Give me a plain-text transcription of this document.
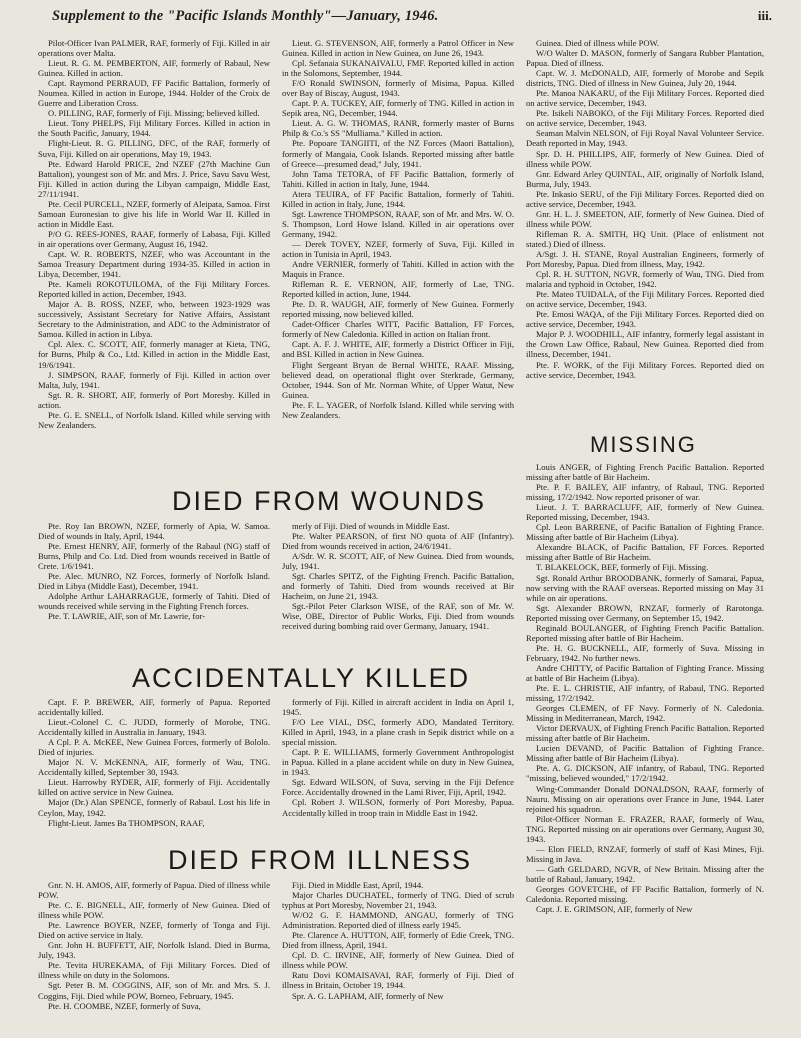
Supplement to the "Pacific Islands Monthly"—January, 1946.	iii.

Pilot-Officer Ivan PALMER, RAF, formerly of Fiji. Killed in air operations over Malta.

Lieut. R. G. M. PEMBERTON, AIF, formerly of Rabaul, New Guinea. Killed in action.

Capt. Raymond PERRAUD, FF Pacific Battalion, formerly of Noumea. Killed in action in Europe, 1944. Holder of the Croix de Guerre and Liberation Cross.

O. PILLING, RAF, formerly of Fiji. Missing; believed killed.

Lieut. Tony PHELPS, Fiji Military Forces. Killed in action in the South Pacific, January, 1944.

Flight-Lieut. R. G. PILLING, DFC, of the RAF, formerly of Suva, Fiji. Killed on air operations, May 19, 1943.

Pte. Edward Harold PRICE, 2nd NZEF (27th Machine Gun Battalion), youngest son of Mr. and Mrs. J. Price, Savu Savu West, Fiji. Killed in action during the Libyan campaign, Middle East, 27/11/1941.

Pte. Cecil PURCELL, NZEF, formerly of Aleipata, Samoa. First Samoan Euronesian to give his life in World War II. Killed in action in Middle East.

P/O G. REES-JONES, RAAF, formerly of Labasa, Fiji. Killed in air operations over Germany, August 16, 1942.

Capt. W. R. ROBERTS, NZEF, who was Accountant in the Samoa Treasury Department during 1934-35. Killed in action in Libya, December, 1941.

Pte. Kameli ROKOTUILOMA, of the Fiji Military Forces. Reported killed in action, December, 1943.

Major A. B. ROSS, NZEF, who, between 1923-1929 was successively, Assistant Secretary for Native Affairs, Assistant Secretary to the Administration, and ADC to the Administrator of Samoa. Killed in action in Libya.

Cpl. Alex. C. SCOTT, AIF, formerly manager at Kieta, TNG, for Burns, Philp & Co., Ltd. Killed in action in the Middle East, 19/6/1941.

J. SIMPSON, RAAF, formerly of Fiji. Killed in action over Malta, July, 1941.

Sgt. R. R. SHORT, AIF, formerly of Port Moresby. Killed in action.

Pte. G. E. SNELL, of Norfolk Island. Killed while serving with New Zealanders.

Lieut. G. STEVENSON, AIF, formerly a Patrol Officer in New Guinea. Killed in action in New Guinea, on June 26, 1943.

Cpl. Sefanaia SUKANAIVALU, FMF. Reported killed in action in the Solomons, September, 1944.

F/O Ronald SWINSON, formerly of Misima, Papua. Killed over Bay of Biscay, August, 1943.

Capt. P. A. TUCKEY, AIF, formerly of TNG. Killed in action in Sepik area, NG, December, 1944.

Lieut. A. G. W. THOMAS, RANR, formerly master of Burns Philp & Co.'s SS "Mulliama." Killed in action.

Pte. Popoare TANGIITI, of the NZ Forces (Maori Battalion), formerly of Mangaia, Cook Islands. Reported missing after battle of Greece—presumed dead," July, 1941.

John Tama TETORA, of FF Pacific Battalion, formerly of Tahiti. Killed in action in Italy, June, 1944.

Atera TEUIRA, of FF Pacific Battalion, formerly of Tahiti. Killed in action in Italy, June, 1944.

Sgt. Lawrence THOMPSON, RAAF, son of Mr. and Mrs. W. O. S. Thompson, Lord Howe Island. Killed in air operations over Germany, 1942.

— Derek TOVEY, NZEF, formerly of Suva, Fiji. Killed in action in Tunisia in April, 1943.

Andre VERNIER, formerly of Tahiti. Killed in action with the Maquis in France.

Rifleman R. E. VERNON, AIF, formerly of Lae, TNG. Reported killed in action, June, 1944.

Pte. D. R. WAUGH, AIF, formerly of New Guinea. Formerly reported missing, now believed killed.

Cadet-Officer Charles WITT, Pacific Battalion, FF Forces, formerly of New Caledonia. Killed in action on Italian front.

Capt. A. F. J. WHITE, AIF, formerly a District Officer in Fiji, and BSI. Killed in action in New Guinea.

Flight Sergeant Bryan de Bernal WHITE, RAAF. Missing, believed dead, on operational flight over Sterkrade, Germany, October, 1944. Son of Mr. Norman White, of Upper Watut, New Guinea.

Pte. F. L. YAGER, of Norfolk Island. Killed while serving with New Zealanders.

Guinea. Died of illness while POW.

W/O Walter D. MASON, formerly of Sangara Rubber Plantation, Papua. Died of illness.

Capt. W. J. McDONALD, AIF, formerly of Morobe and Sepik districts, TNG. Died of illness in New Guinea, July 20, 1944.

Pte. Manoa NAKARU, of the Fiji Military Forces. Reported died on active service, December, 1943.

Pte. Isikeli NABOKO, of the Fiji Military Forces. Reported died on active service, December, 1943.

Seaman Malvin NELSON, of Fiji Royal Naval Volunteer Service. Death reported in May, 1943.

Spr. D. H. PHILLIPS, AIF, formerly of New Guinea. Died of illness while POW.

Gnr. Edward Arley QUINTAL, AIF, originally of Norfolk Island, Burma, July, 1943.

Pte. Inkasio SERU, of the Fiji Military Forces. Reported died on active service, December, 1943.

Gnr. H. L. J. SMEETON, AIF, formerly of New Guinea. Died of illness while POW.

Rifleman R. A. SMITH, HQ Unit. (Place of enlistment not stated.) Died of illness.

A/Sgt. J. H. STANE, Royal Australian Engineers, formerly of Port Moresby, Papua. Died from illness, May, 1942.

Cpl. R. H. SUTTON, NGVR, formerly of Wau, TNG. Died from malaria and typhoid in October, 1942.

Pte. Mateo TUIDALA, of the Fiji Military Forces. Reported died on active service, December, 1943.

Pte. Emosi WAQA, of the Fiji Military Forces. Reported died on active service, December, 1943.

Major P. J. WOODHILL, AIF infantry, formerly legal assistant in the Crown Law Office, Rabaul, New Guinea. Reported died from illness, December, 1941.

Pte. F. WORK, of the Fiji Military Forces. Reported died on active service, December, 1943.

MISSING

Louis ANGER, of Fighting French Pacific Battalion. Reported missing after battle of Bir Hacheim.

Pte. P. F. BAILEY, AIF infantry, of Rabaul, TNG. Reported missing, 17/2/1942. Now reported prisoner of war.

Lieut. J. T. BARRACLUFF, AIF, formerly of New Guinea. Reported missing, December, 1943.

Cpl. Leon BARRENE, of Pacific Battalion of Fighting France. Missing after battle of Bir Hacheim (Libya).

Alexandre BLACK, of Pacific Battalion, FF Forces. Reported missing after Battle of Bir Hacheim.

T. BLAKELOCK, BEF, formerly of Fiji. Missing.

Sgt. Ronald Arthur BROODBANK, formerly of Samarai, Papua, now serving with the RAAF overseas. Reported missing on May 31 while on air operations.

Sgt. Alexander BROWN, RNZAF, formerly of Rarotonga. Reported missing over Germany, on September 15, 1942.

Reginald BOULANGER, of Fighting French Pacific Battalion. Reported missing after battle of Bir Hacheim.

Pte. H. G. BUCKNELL, AIF, formerly of Suva. Missing in February, 1942. No further news.

Andre CHITTY, of Pacific Battalion of Fighting France. Missing at battle of Bir Hacheim (Libya).

Pte. E. L. CHRISTIE, AIF infantry, of Rabaul, TNG. Reported missing, 17/2/1942.

Georges CLEMEN, of FF Navy. Formerly of N. Caledonia. Missing in Mediterranean, March, 1942.

Victor DERVAUX, of Fighting French Pacific Battalion. Reported missing after battle of Bir Hacheim.

Lucien DEVAND, of Pacific Battalion of Fighting France. Missing after battle of Bir Hacheim (Libya).

Pte. A. G. DICKSON, AIF infantry, of Rabaul, TNG. Reported "missing, believed wounded," 17/2/1942.

Wing-Commander Donald DONALDSON, RAAF, formerly of Nauru. Missing on air operations over France in June, 1944. Later rejoined his squadron.

Pilot-Officer Norman E. FRAZER, RAAF, formerly of Wau, TNG. Reported missing on air operations over Germany, August 30, 1943.

— Elon FIELD, RNZAF, formerly of staff of Kasi Mines, Fiji. Missing in Java.

— Gath GELDARD, NGVR, of New Britain. Missing after the battle of Rabaul, January, 1942.

Georges GOVETCHE, of FF Pacific Battalion, formerly of N. Caledonia. Reported missing.

Capt. J. E. GRIMSON, AIF, formerly of New

DIED FROM WOUNDS

Pte. Roy Ian BROWN, NZEF, formerly of Apia, W. Samoa. Died of wounds in Italy, April, 1944.

Pte. Ernest HENRY, AIF, formerly of the Rabaul (NG) staff of Burns, Philp and Co. Ltd. Died from wounds received in Battle of Crete. 1/6/1941.

Pte. Alec. MUNRO, NZ Forces, formerly of Norfolk Island. Died in Libya (Middle East), December, 1941.

Adolphe Arthur LAHARRAGUE, formerly of Tahiti. Died of wounds received while serving in the Fighting French forces.

Pte. T. LAWRIE, AIF, son of Mr. Lawrie, for-

merly of Fiji. Died of wounds in Middle East.

Pte. Walter PEARSON, of first NO quota of AIF (Infantry). Died from wounds received in action, 24/6/1941.

A/Sdr. W. R. SCOTT, AIF, of New Guinea. Died from wounds, July, 1941.

Sgt. Charles SPITZ, of the Fighting French. Pacific Battalion, and formerly of Tahiti. Died from wounds received at Bir Hacheim, on June 21, 1943.

Sgt.-Pilot Peter Clarkson WISE, of the RAF, son of Mr. W. Wise, OBE, Director of Public Works, Fiji. Died from wounds received during bombing raid over Germany, January, 1941.

ACCIDENTALLY KILLED

Capt. F. P. BREWER, AIF, formerly of Papua. Reported accidentally killed.

Lieut.-Colonel C. C. JUDD, formerly of Morobe, TNG. Accidentally killed in Australia in January, 1943.

A Cpl. P. A. McKEE, New Guinea Forces, formerly of Bololo. Died of injuries.

Major N. V. McKENNA, AIF, formerly of Wau, TNG. Accidentally killed, September 30, 1943.

Lieut. Harrowby RYDER, AIF, formerly of Fiji. Accidentally killed on active service in New Guinea.

Major (Dr.) Alan SPENCE, formerly of Rabaul. Lost his life in Ceylon, May, 1942.

Flight-Lieut. James Ba THOMPSON, RAAF,

formerly of Fiji. Killed in aircraft accident in India on April 1, 1945.

F/O Lee VIAL, DSC, formerly ADO, Mandated Territory. Killed in April, 1943, in a plane crash in Sepik district while on a special mission.

Capt. P. E. WILLIAMS, formerly Government Anthropologist in Papua. Killed in a plane accident while on duty in New Guinea, in 1943.

Sgt. Edward WILSON, of Suva, serving in the Fiji Defence Force. Accidentally drowned in the Lami River, Fiji, April, 1942.

Cpl. Robert J. WILSON, formerly of Port Moresby, Papua. Accidentally killed in troop train in Middle East in 1942.

DIED FROM ILLNESS

Gnr. N. H. AMOS, AIF, formerly of Papua. Died of illness while POW.

Pte. C. E. BIGNELL, AIF, formerly of New Guinea. Died of illness while POW.

Pte. Lawrence BOYER, NZEF, formerly of Tonga and Fiji. Died on active service in Italy.

Gnr. John H. BUFFETT, AIF, Norfolk Island. Died in Burma, July, 1943.

Pte. Tevita HUREKAMA, of Fiji Military Forces. Died of illness while on duty in the Solomons.

Sgt. Peter B. M. COGGINS, AIF, son of Mr. and Mrs. S. J. Coggins, Fiji. Died while POW, Borneo, February, 1945.

Pte. H. COOMBE, NZEF, formerly of Suva,

Fiji. Died in Middle East, April, 1944.

Major Charles DUCHATEL, formerly of TNG. Died of scrub typhus at Port Moresby, November 21, 1943.

W/O2 G. F. HAMMOND, ANGAU, formerly of TNG Administration. Reported died of illness early 1945.

Pte. Clarence A. HUTTON, AIF, formerly of Edie Creek, TNG. Died from illness, April, 1941.

Cpl. D. C. IRVINE, AIF, formerly of New Guinea. Died of illness while POW.

Ratu Dovi KOMAISAVAI, RAF, formerly of Fiji. Died of illness in Britain, October 19, 1944.

Spr. A. G. LAPHAM, AIF, formerly of New
